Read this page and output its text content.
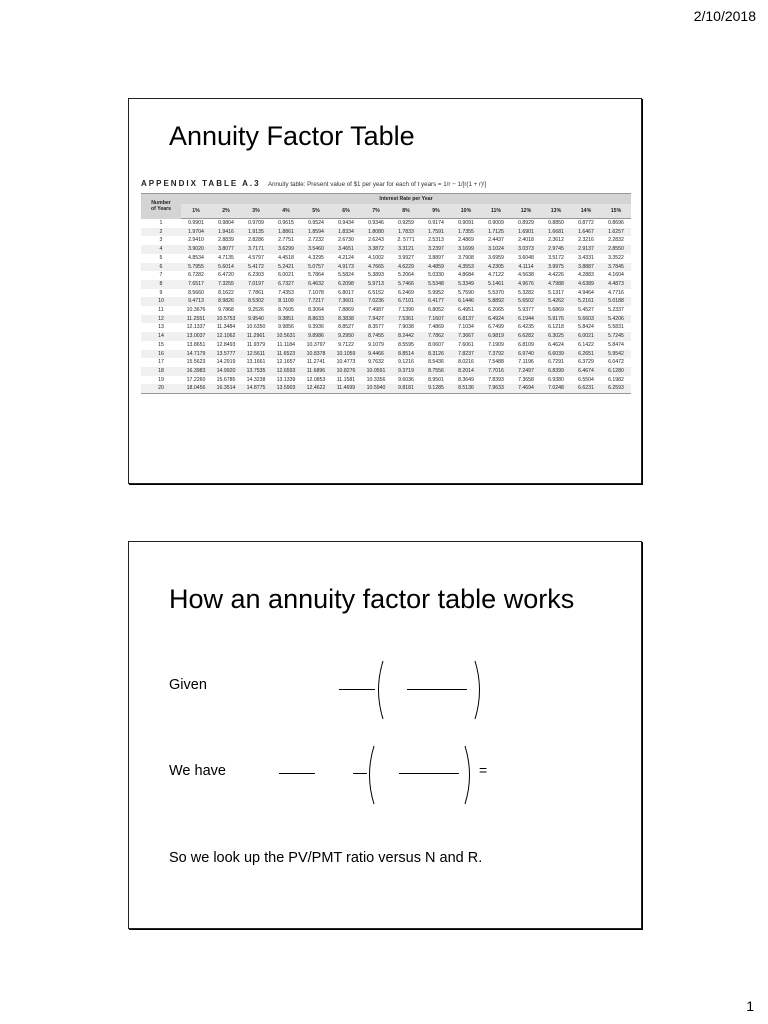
2/10/2018
Annuity Factor Table
APPENDIX TABLE A.3 Annuity table: Present value of $1 per year for each of t years = 1/r − 1/[r(1 + r)ᵗ]
Number
of Years	Interest Rate per Year														
	1%	2%	3%	4%	5%	6%	7%	8%	9%	10%	11%	12%	13%	14%	15%
1	0.9901	0.9804	0.9709	0.9615	0.9524	0.9434	0.9346	0.9259	0.9174	0.9091	0.9009	0.8929	0.8850	0.8772	0.8696
2	1.9704	1.9416	1.9135	1.8861	1.8594	1.8334	1.8080	1.7833	1.7591	1.7355	1.7125	1.6901	1.6681	1.6467	1.6257
3	2.9410	2.8839	2.8286	2.7751	2.7232	2.6730	2.6243	2. 5771	2.5313	2.4869	2.4437	2.4018	2.3612	2.3216	2.2832
4	3.9020	3.8077	3.7171	3.6299	3.5460	3.4651	3.3872	3.3121	3.2397	3.1699	3.1024	3.0373	2.9745	2.9137	2.8550
5	4.8534	4.7135	4.5797	4.4518	4.3295	4.2124	4.1002	3.9927	3.8897	3.7908	3.6959	3.6048	3.5172	3.4331	3.3522
6	5.7955	5.6014	5.4172	5.2421	5.0757	4.9173	4.7665	4.6229	4.4859	4.3553	4.2305	4.1114	3.9975	3.8887	3.7845
7	6.7282	6.4720	6.2303	6.0021	5.7864	5.5824	5.3893	5.2064	5.0330	4.8684	4.7122	4.5638	4.4226	4.2883	4.1604
8	7.6517	7.3255	7.0197	6.7327	6.4632	6.2098	5.9713	5.7466	5.5348	5.3349	5.1461	4.9676	4.7988	4.6389	4.4873
9	8.5660	8.1622	7.7861	7.4353	7.1078	6.8017	6.5152	6.2469	5.9952	5.7590	5.5370	5.3282	5.1317	4.9464	4.7716
10	9.4713	8.9826	8.5302	8.1109	7.7217	7.3601	7.0236	6.7101	6.4177	6.1446	5.8892	5.6502	5.4262	5.2161	5.0188
11	10.3676	9.7868	9.2526	8.7605	8.3064	7.8869	7.4987	7.1390	6.8052	6.4951	6.2065	5.9377	5.6869	5.4527	5.2337
12	11.2551	10.5753	9.9540	9.3851	8.8633	8.3838	7.9427	7.5361	7.1607	6.8137	6.4924	6.1944	5.9176	5.6603	5.4206
13	12.1337	11.3484	10.6350	9.9856	9.3936	8.8527	8.3577	7.9038	7.4869	7.1034	6.7499	6.4235	6.1218	5.8424	5.5831
14	13.0037	12.1062	11.2961	10.5631	9.8986	9.2950	8.7455	8.2442	7.7862	7.3667	6.9819	6.6282	6.3025	6.0021	5.7245
15	13.8651	12.8493	11.9379	11.1184	10.3797	9.7122	9.1079	8.5595	8.0607	7.6061	7.1909	6.8109	6.4624	6.1422	5.8474
16	14.7179	13.5777	12.5611	11.6523	10.8378	10.1059	9.4466	8.8514	8.3126	7.8237	7.3792	6.9740	6.6039	6.2651	5.9542
17	15.5623	14.2919	13.1661	12.1657	11.2741	10.4773	9.7632	9.1216	8.5436	8.0216	7.5488	7.1196	6.7291	6.3729	6.0472
18	16.3983	14.9920	13.7535	12.6593	11.6896	10.8276	10.0591	9.3719	8.7556	8.2014	7.7016	7.2497	6.8399	6.4674	6.1280
19	17.2260	15.6785	14.3238	13.1339	12.0853	11.1581	10.3356	9.6036	8.9501	8.3649	7.8393	7.3658	6.9380	6.5504	6.1982
20	18.0456	16.3514	14.8775	13.5903	12.4622	11.4699	10.5940	9.8181	9.1285	8.5136	7.9633	7.4694	7.0248	6.6231	6.2593
How an annuity factor table works
Given
We have	=
So we look up the PV/PMT ratio versus N and R.
1
